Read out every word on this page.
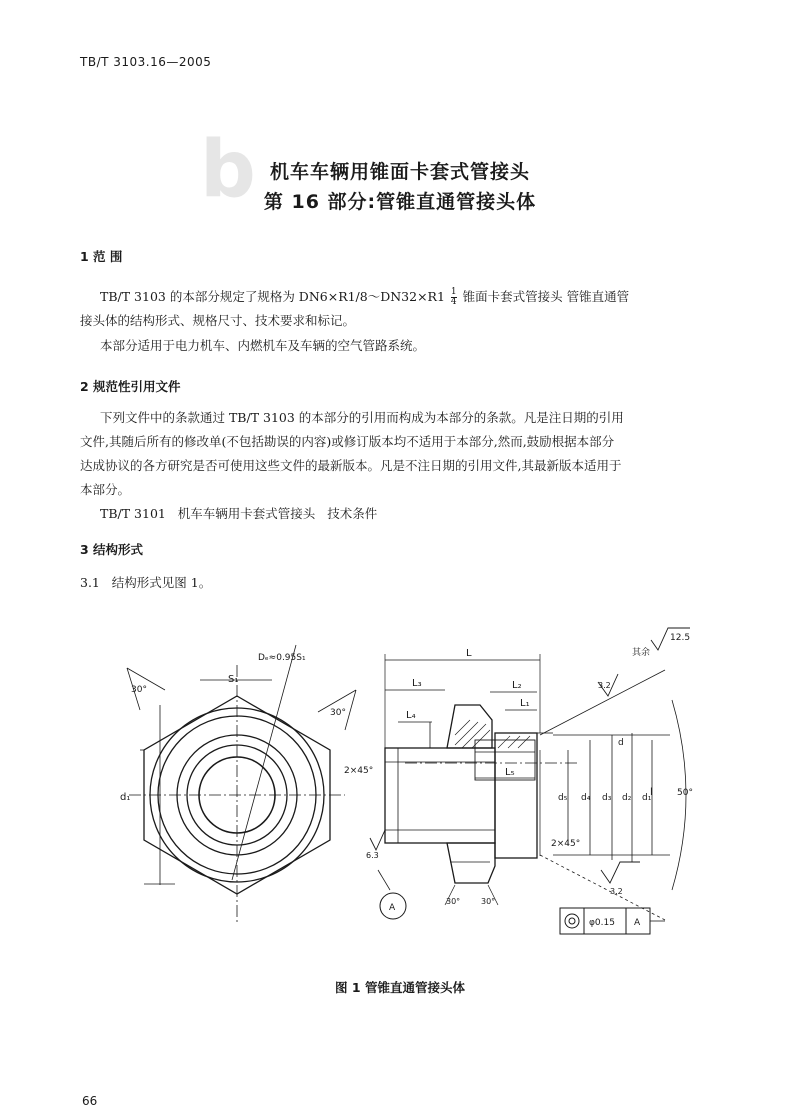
TB/T 3103.16—2005
b 机车车辆用锥面卡套式管接头
第 16 部分:管锥直通管接头体
1 范 围
TB/T 3103 的本部分规定了规格为 DN6×R1/8～DN32×R1 $\frac{1}{4}$ 锥面卡套式管接头 管锥直通管
接头体的结构形式、规格尺寸、技术要求和标记。
本部分适用于电力机车、内燃机车及车辆的空气管路系统。
2 规范性引用文件
下列文件中的条款通过 TB/T 3103 的本部分的引用而构成为本部分的条款。凡是注日期的引用
文件,其随后所有的修改单(不包括勘误的内容)或修订版本均不适用于本部分,然而,鼓励根据本部分
达成协议的各方研究是否可使用这些文件的最新版本。凡是不注日期的引用文件,其最新版本适用于
本部分。
TB/T 3101   机车车辆用卡套式管接头   技术条件
3 结构形式
3.1   结构形式见图 1。
Dₑ≈0.95S₁
S₁
d₁
30°
30°
2×45°
L
L₃	L₂
L₁
L₄
L₅
l
d₅ d₄ d₃ d₂ d₁
d
50°
其余
12.5
3.2
3.2
6.3
2×45°
30°	30°
φ0.15 A
A
图 1 管锥直通管接头体
66
